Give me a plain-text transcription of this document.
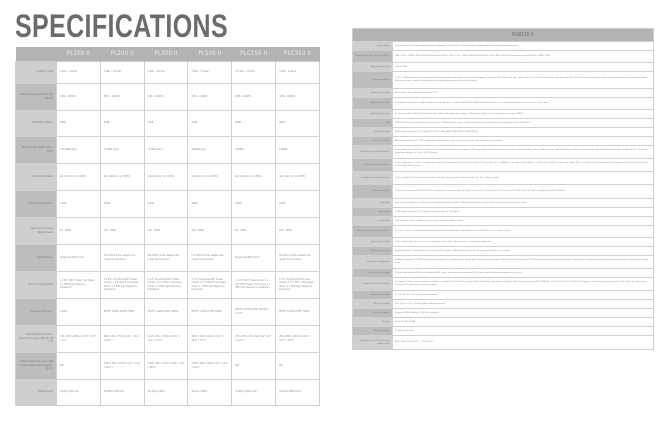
SPECIFICATIONS
	PL100 II	PL200 II	PL300 II	PL500 II	PLC150 II	PLC350 II
System Format	2 Way - 2 Driver	3 Way - 4 Driver	3 Way - 4 Driver	3 Way - 7 Driver	2½ Way - 3 Driver	3 Way - 4 Driver
Frequency Response (±dB - IEC 268-10)	40Hz - 100kHz	30Hz - 100kHz	30Hz - 100kHz	22Hz - 100kHz	40Hz - 100kHz	30Hz - 100kHz
Sensitivity 1W@1m	88dB	90dB	90dB	91dB	88dB	90dB
Maximum SPL (1/8th @ 1m - each)	111.6dBA (pair)	117dBA (pair)	117dBA (pair)	120dBA (pair)	113dBA	116dBA
Nominal Impedance	4Ω (4.3Ω min. @ 140Hz)	4Ω (4.0Ω min. @ 170Hz)	4Ω (4.3Ω min. @ 117Hz)	4Ω (4.2Ω min. @ 120Hz)	4Ω (4.0Ω min. @ 170Hz)	4Ω (4.0Ω min. @ 170Hz)
Power Handling R.M.S.	120W	250W	300W	400W	200W	250W
Recommended Amp Requirements	40 - 120W	100 - 250W	100 - 300W	150 - 400W	60 - 200W	100 - 250W
Cabinet Design	Single rear RDV-3 port	Two RDV-3 ports, Sealed mid-range TLC enclosure	Two RDV-3 ports, Sealed mid-range TLC enclosure	Four RDV-3 ports, Sealed mid-range TLC enclosure	Single rear RDV-3 port	Two RDV-3 ports, Sealed mid-range TLC enclosure
Drive Unit Complement	1 x 6½" RDT II bass / mid driver, 1 x HPD high frequency transducer	2 x 6½" long-throw RDT II bass drivers, 1 x 4" RDT II mid-range driver, 1 x HPD high frequency transducer	3 x 8" long-throw RDT II bass drivers, 1 x 4" RDT II mid-range driver, 1 x HPD high frequency transducer	4 x 8" long-throw RDT II bass drivers, 2 x 4" RDT II mid-range driver, 1 x HPD high frequency transducer	1 x 6½" RDT II bass driver, 1 x 6½" RDT II bass / mid driver, 1 x HPD high frequency transducer	2 x 8" long-throw RDT II bass drivers, 1 x 4" RDT II mid-range driver, 1 x HPD high frequency transducer
Crossover Frequency	2.3kHz	MF/HF: 2.9kHz LF/MF: 750Hz	MF/HF: 2.6kHz LF/MF: 500Hz	MF/HF: 3.4kHz LF/MF: 440Hz	MF/HF: 3.0kHz LF/MF: 600Hz (L-roll LF)	MF/HF: 3.0kHz LF/MF: 700Hz
External Dimensions (inc. plinth where applicable) (H x W x D)	370 x 225 x 280mm (14½" x 8⅞" x 11")	990 x 260 x 375mm (39" x 10¼" x 14¾")	1113 x 310 x 370mm (43¾" x 12¼" x 14½")	1083 x 506 x 624mm (42⅝" x 19⅞" x 24½")	235 x 583 x 291.2mm (9¼" x 23" x 11½")	288 x 800 x 368mm (11⅜" x 31½" x 14½")
External Dimensions (inc. feet & spikes where applicable) (H x W x D)	N/A	1043 x 360 x 375mm (41" x 14¼" x 14¾")	1188 x 410 x 470mm (46¾" x 16" x 18½")	1348 x 506 x 624mm (53" x 19⅞" x 24½")	N/A	N/A
Weight (each)	16.9kg (32lb 1oz)	36.08kg (79lb 6oz)	54.32kg (120lb)	99.1kg (218lb)	23.99kg (53lb 12oz)	44.00kg (96lb 15oz)
	PLW215 II
System Format	Sealed Cabinet with vibration cancelling driver configuration. 25mm M.D.F. construction with internal bracing and sealed amplifier compartment
Low Frequency Limit (-6dB - IEC 268-10)	-3dB @ 22Hz / -10dB @ 18Hz (Free Field default preset: Music. -3dB @ 19Hz / -10dB @ 14Hz (In Room) default preset: Music. Limited by low frequency protection filter (-3dB @ 12Hz)
Upper Frequency Limit	-3dB @ 150Hz
Driver Complement	2 x 15" C-CAM® sub-woofer driver featuring inverted surround and triple suspension for increase support at high excursions. Black single layer edge wound 3" voice coil with vented pole, vented coil and black CEO coated motor unit to reduce power compression and increase thermal dissipation. FEA optimised cone, magnetics and suspension for optimal performance and increased linearity
Linear Drive Excursion	42mm Peak to Peak. Total displacement 4.6 litres
Amplifier Power Output	Dual Amplifier design with a single amplifier powering each driver. Combined: 1400W RMS, 2080W Peak (Burst Ratio 1.4 Continuous, Measured into two non-reactive 4 Ohm Loads)
Amplifier Classification	2x Class-D amplifiers, Balanced Differential Input, Differentially loaded Power Supply, DSP controlled, High current Switch mode power supply (SMPSU)
DSP	172MHz DSP Core with 2000 instructions per sample. 176dB of dynamic range and 56-bit double precision processing, dynamically updated by an 80MHz MCU
Digital Conversion	Wolfson Microelectronics (Cirrus Logic) ADC & DAC @ 24bit/48kHz, WM8786 ADC & WM8740 DAC
LCD & Control Panel	Adjustable brightness: 0% - 100%, configurable auto-off feature. Quick access to menu items: Trim, LPF, Phase, Preset Select
Global Settings (via SubConnect II)	Display Brightness (0-100%), Dim (to 50% or to 0%), Default Preset, Mute Link Outputs, 12V Trigger Assignment (Power on/off or Preset select), Input gain (Master -40 to -20dB, Trim -6 to +6dB, Mode), Phase (0-360 in 15 degree steps), Night Mode Threshold (-3dB to -20dB), Auto On / Off (Enable Signal Sense, Always On, Time to off (5-240mins))
User Presets (via SubConnect II)	4 fully configurable user Presets including, Preset Name, LPF Frequency (Hz Steps from 20-120Hz), LPF Slope Order (-12 or -24dB/Oct), Input (Stereo, LFE or Both), Trim Offset (-6 to +6dB), EQ mode (Input, Music, Movie or Default), User EQ (4 adjustable filters applied on top of EQ mode), Room EQ (On/Off), Night Mode (On/Off)
User Equaliser (via SubConnect II)	4 fully controllable EQ filters and 4 default filters with gain offset per preset. Default settings: Flat / Music / Movie / Impact
Room Correction EQ	4 System controlled parametric EQ filters set using advanced detection algorithm. Measurement can be initiated from the control panel or the SubConnect with up to microphone 4 positions (default 3)
Night Mode	Night mode: assignable (on or off) per Preset with global threshold (-3dB to -20dB). Introduces dynamic range reduction lowering the level of loud sections
Phase control	0-360 degrees, increments of 15 degrees with a pure invert at 180 degrees
Low pass Filter	2nd or 4th order (-12 or -24 dB/Octave), increments of 5Hz from 20Hz to 120Hz
Auto Sensing input (and requirements)	Line Level < 1mV on unbalanced and balanced inputs. Auto Standby feature, adjustable between 5-240 minutes in increments of 5mins
Digital Volume Control	-11 to +1 dB in 1dB increments. Via the control panel. -80 to +20 in 1dB increments, via SubConnect application
IR Remote control code	Supplied IR remote. Front facing IR receiver with red LED response. Additional discrete IR codes for automation available in the manual
SubConnect PC Application	Windows (7 onwards) / OSX(x86) compatible setup application available from the Monitor Audio website and on the supplied USB stick in the Platinum II Tool Kit. Allows the user to control advanced subwoofer setup features. Settings can be saved while not connected to the subwoofer for off-sight setup
Audio Input Connections	LFE input with Balanced (XLR) and Unbalanced (RCA) inputs. Stereo Input with unbalanced (RCA) inputs. Inputs individually assignable to any Preset
Control Connections / Interfaces	12v Trigger in (3.5mm mono mini-jack, in threshold), assignable to On/Off or Preset change. 3.5mm Microphone input jack (mic supplied), RJ45 connector supporting RS232 (EIA/TIA - 561, Tx Pin 4, Rx Pin 5, Gnd Pin 6), IR repeater - Output (3.5mm mono mini-jack). USB - Type B, for connecting to SubConnect PC application and Firmware update
Electrical Certifications	CE / CB / ETL / Rcc / ErP (Energy-saving compliant)
Mains input voltage	100 - 130 Vac / 220 - 240 Vac 50/60Hz (Manually selected)
Power consumption	Maximum 1280W. Standby <0.5W (ErP compliance)
Fuse Type	20mm T12.5AL 250VAC
Weight (unpacked)	57.54kg (126lb 10oz)
Dimensions (H x W x D) (inc. amp, drivers & feet)	546.2 x 504 x 512mm (21½" x 19⅞" x 20⅛")
